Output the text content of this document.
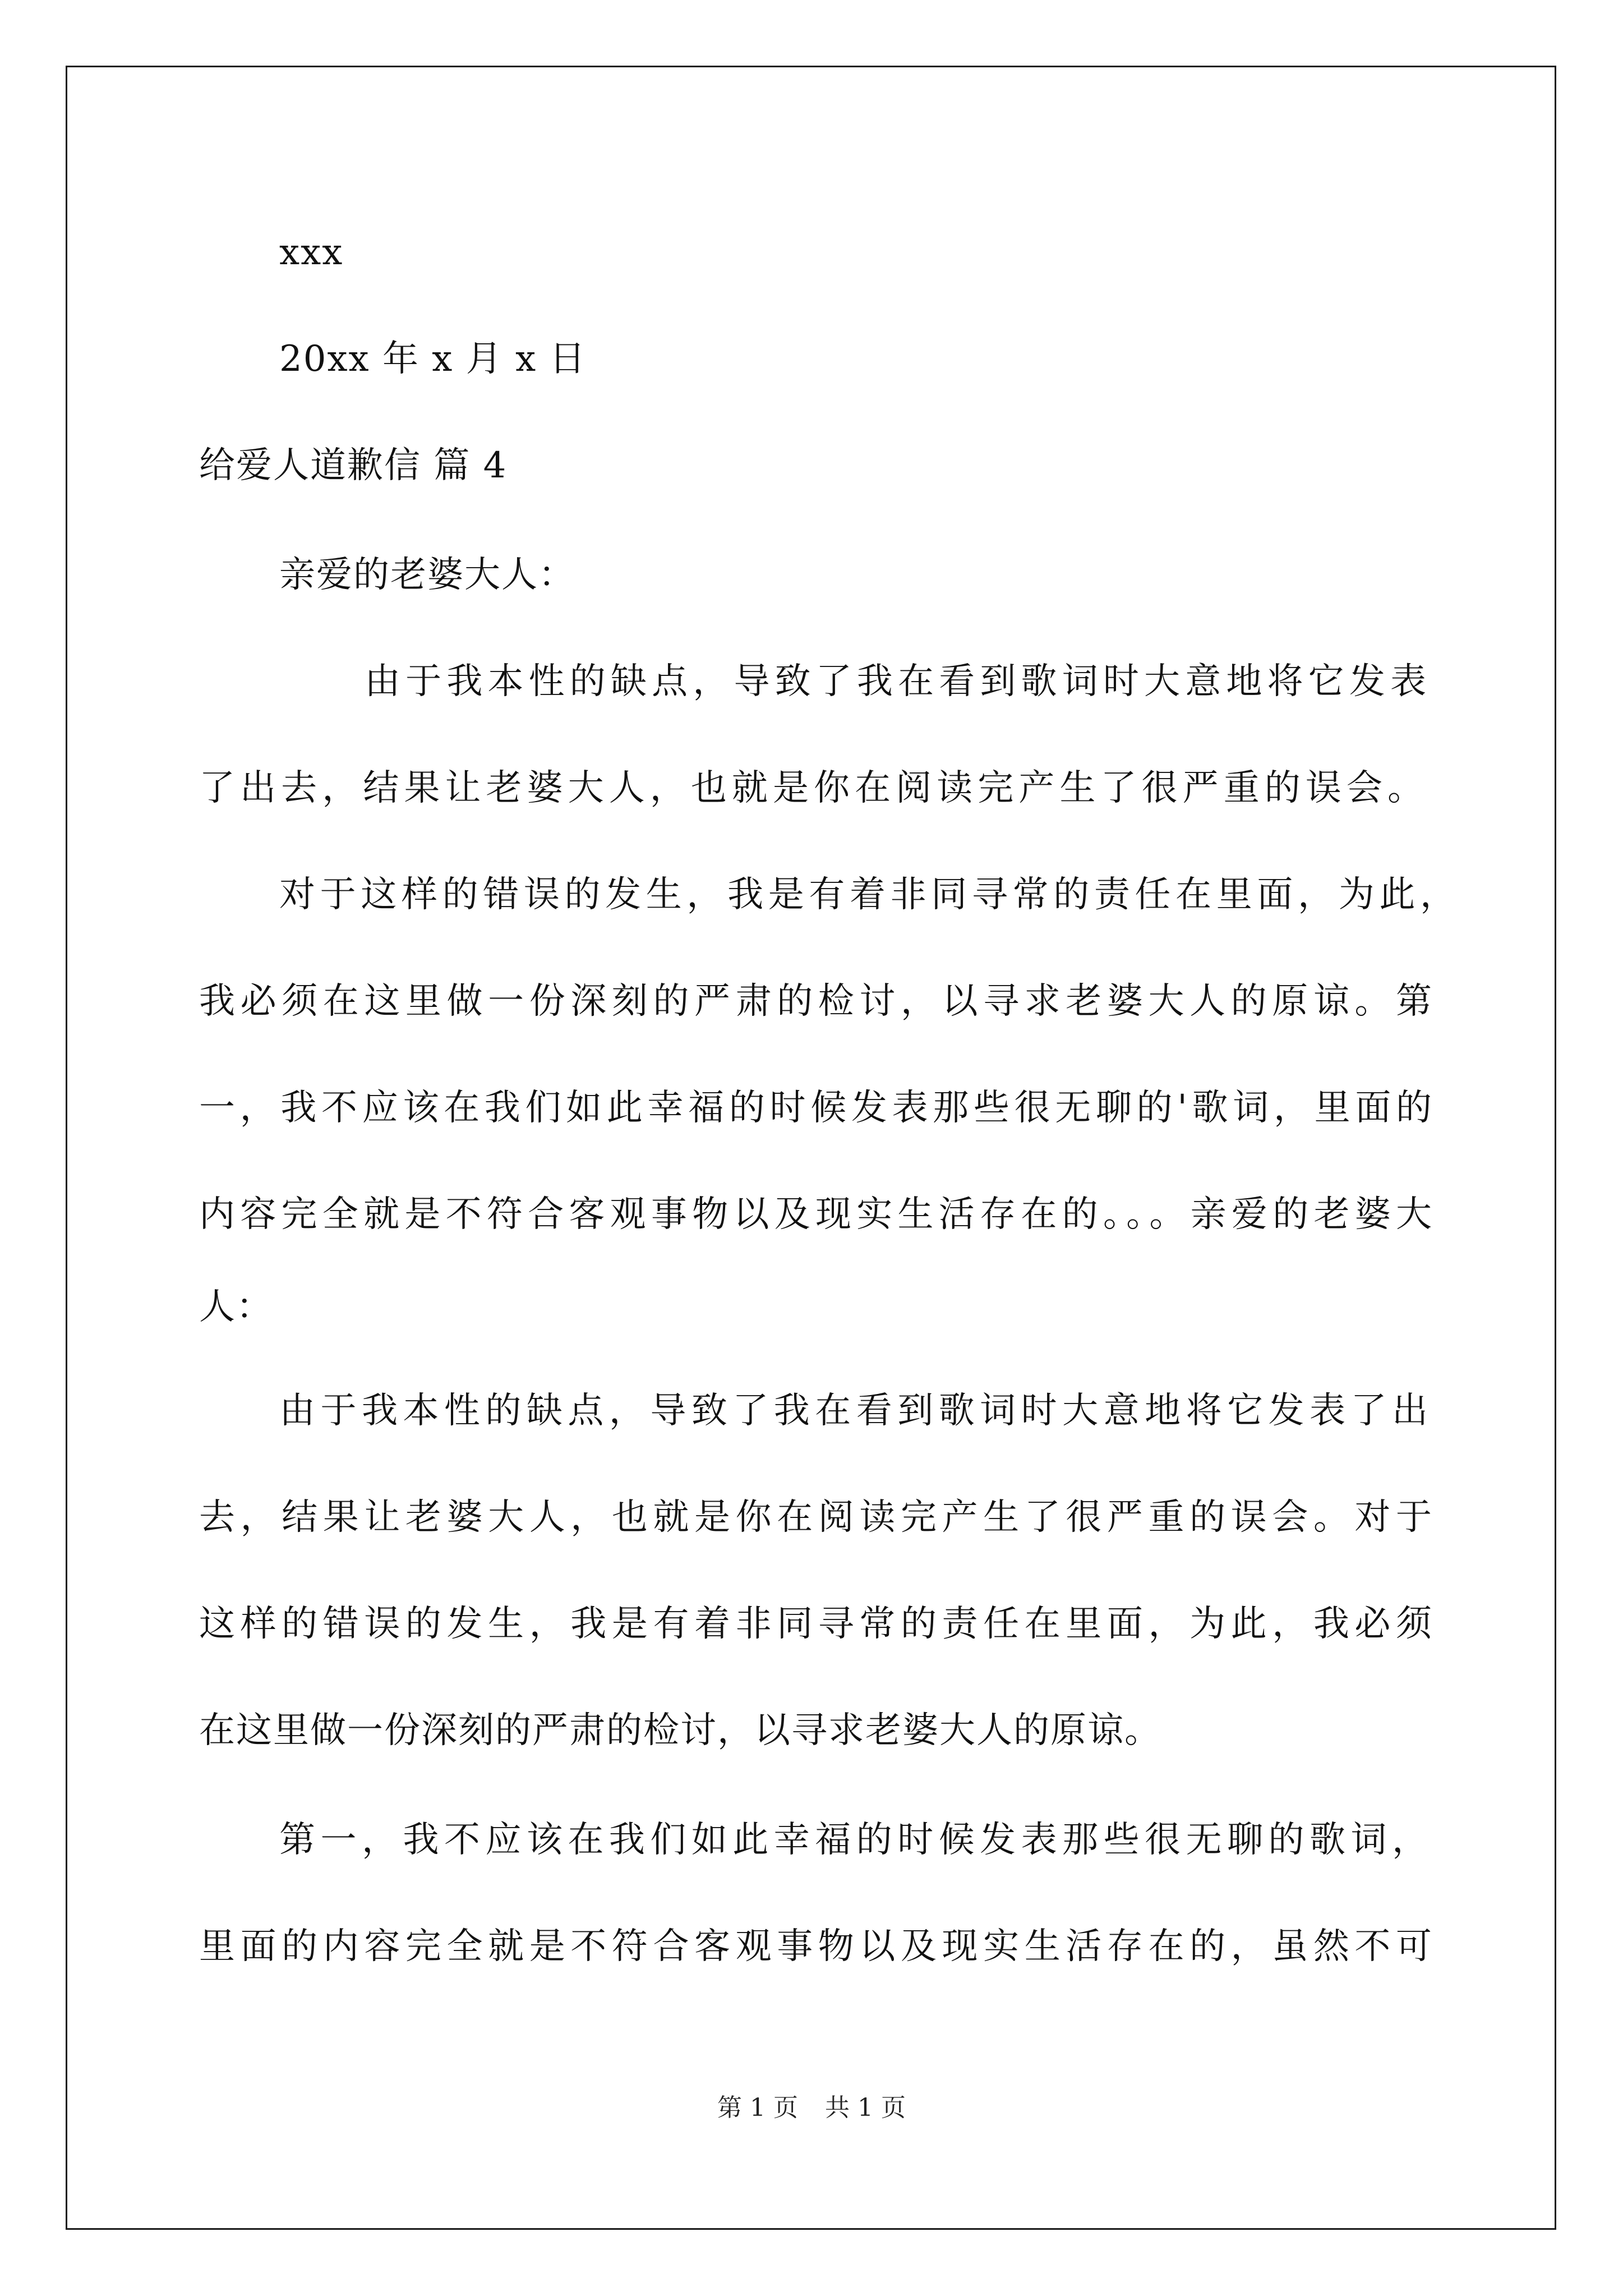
xxx
20xx 年 x 月 x 日
给爱人道歉信 篇 4
亲爱的老婆大人：
由于我本性的缺点，导致了我在看到歌词时大意地将它发表
了出去，结果让老婆大人，也就是你在阅读完产生了很严重的误会。
对于这样的错误的发生，我是有着非同寻常的责任在里面，为此，
我必须在这里做一份深刻的严肃的检讨，以寻求老婆大人的原谅。第
一，我不应该在我们如此幸福的时候发表那些很无聊的'歌词，里面的
内容完全就是不符合客观事物以及现实生活存在的。。。亲爱的老婆大
人：
由于我本性的缺点，导致了我在看到歌词时大意地将它发表了出
去，结果让老婆大人，也就是你在阅读完产生了很严重的误会。对于
这样的错误的发生，我是有着非同寻常的责任在里面，为此，我必须
在这里做一份深刻的严肃的检讨，以寻求老婆大人的原谅。
第一，我不应该在我们如此幸福的时候发表那些很无聊的歌词，
里面的内容完全就是不符合客观事物以及现实生活存在的，虽然不可
第 1 页 共 1 页
